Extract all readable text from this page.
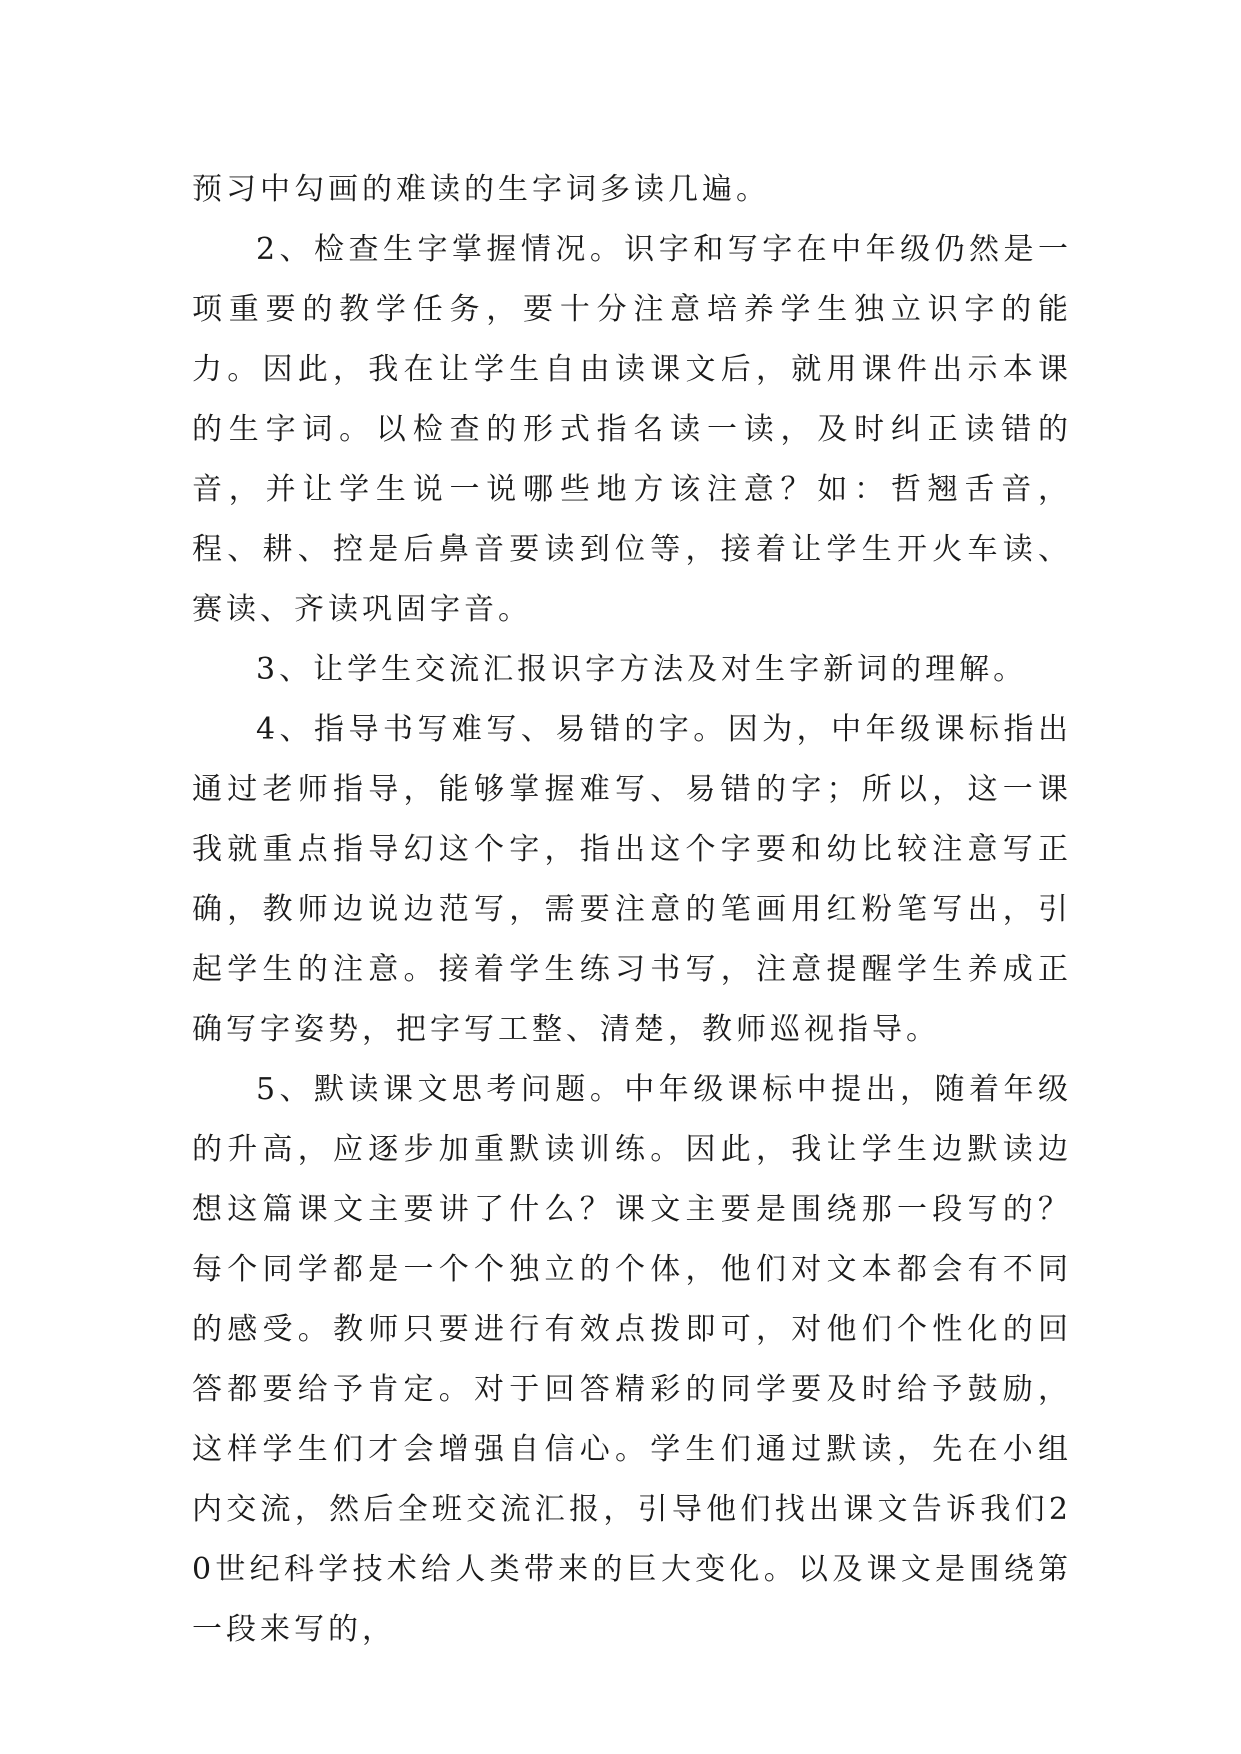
预习中勾画的难读的生字词多读几遍。

2、检查生字掌握情况。识字和写字在中年级仍然是一项重要的教学任务，要十分注意培养学生独立识字的能力。因此，我在让学生自由读课文后，就用课件出示本课的生字词。以检查的形式指名读一读，及时纠正读错的音，并让学生说一说哪些地方该注意？如：哲翘舌音，程、耕、控是后鼻音要读到位等，接着让学生开火车读、赛读、齐读巩固字音。

3、让学生交流汇报识字方法及对生字新词的理解。

4、指导书写难写、易错的字。因为，中年级课标指出通过老师指导，能够掌握难写、易错的字；所以，这一课我就重点指导幻这个字，指出这个字要和幼比较注意写正确，教师边说边范写，需要注意的笔画用红粉笔写出，引起学生的注意。接着学生练习书写，注意提醒学生养成正确写字姿势，把字写工整、清楚，教师巡视指导。

5、默读课文思考问题。中年级课标中提出，随着年级的升高，应逐步加重默读训练。因此，我让学生边默读边想这篇课文主要讲了什么？课文主要是围绕那一段写的？每个同学都是一个个独立的个体，他们对文本都会有不同的感受。教师只要进行有效点拨即可，对他们个性化的回答都要给予肯定。对于回答精彩的同学要及时给予鼓励，这样学生们才会增强自信心。学生们通过默读，先在小组内交流，然后全班交流汇报，引导他们找出课文告诉我们20世纪科学技术给人类带来的巨大变化。以及课文是围绕第一段来写的，
